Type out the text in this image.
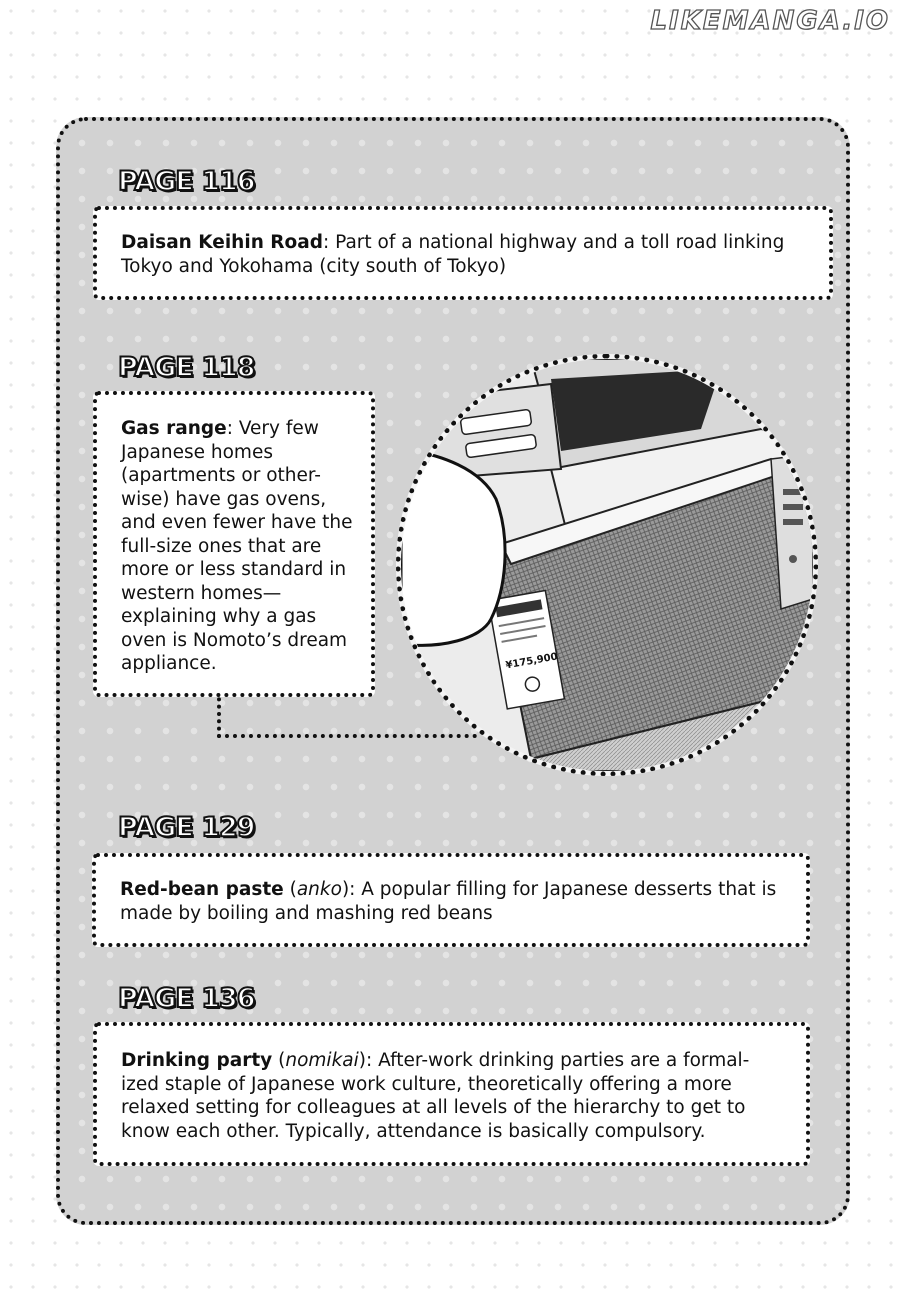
LIKEMANGA.IO
PAGE 116

Daisan Keihin Road: Part of a national highway and a toll road linking Tokyo and Yokohama (city south of Tokyo)

PAGE 118

Gas range: Very few Japanese homes (apartments or other-wise) have gas ovens, and even fewer have the full-size ones that are more or less standard in western homes—explaining why a gas oven is Nomoto’s dream appliance.	¥175,900
PAGE 129

Red-bean paste (anko): A popular filling for Japanese desserts that is made by boiling and mashing red beans

PAGE 136

Drinking party (nomikai): After-work drinking parties are a formal-ized staple of Japanese work culture, theoretically offering a more relaxed setting for colleagues at all levels of the hierarchy to get to know each other. Typically, attendance is basically compulsory.
